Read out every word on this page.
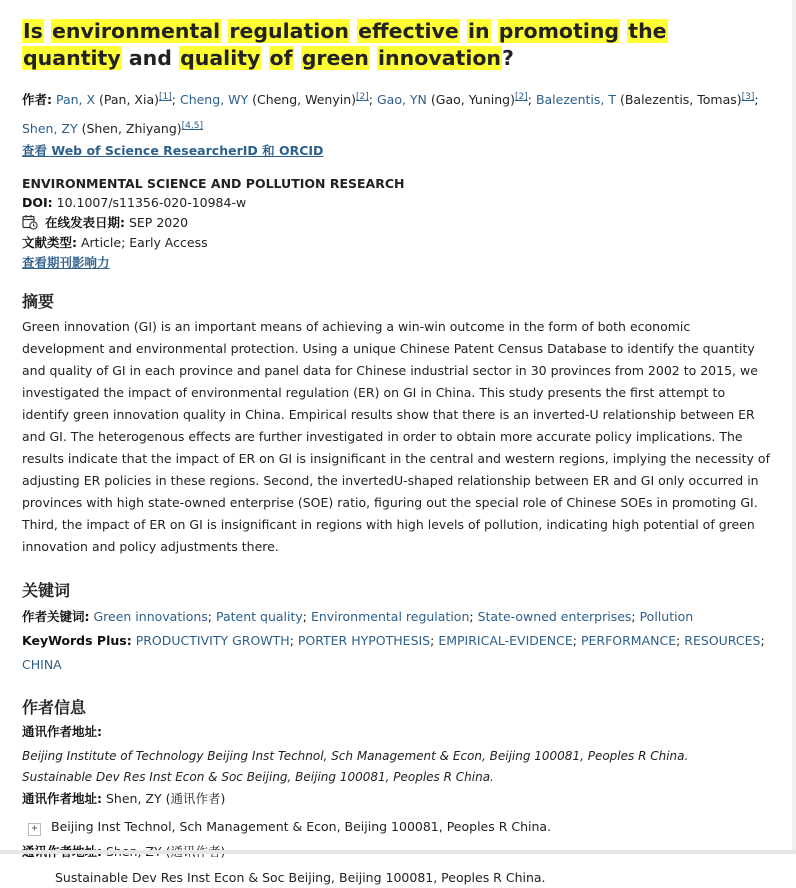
Is environmental regulation effective in promoting the quantity and quality of green innovation?
作者: Pan, X (Pan, Xia)[1]; Cheng, WY (Cheng, Wenyin)[2]; Gao, YN (Gao, Yuning)[2]; Balezentis, T (Balezentis, Tomas)[3];
Shen, ZY (Shen, Zhiyang)[4,5]
查看 Web of Science ResearcherID 和 ORCID
ENVIRONMENTAL SCIENCE AND POLLUTION RESEARCH
DOI: 10.1007/s11356-020-10984-w
在线发表日期: SEP 2020
文献类型: Article; Early Access
查看期刊影响力
摘要
Green innovation (GI) is an important means of achieving a win-win outcome in the form of both economic development and environmental protection. Using a unique Chinese Patent Census Database to identify the quantity and quality of GI in each province and panel data for Chinese industrial sector in 30 provinces from 2002 to 2015, we investigated the impact of environmental regulation (ER) on GI in China. This study presents the first attempt to identify green innovation quality in China. Empirical results show that there is an inverted-U relationship between ER and GI. The heterogenous effects are further investigated in order to obtain more accurate policy implications. The results indicate that the impact of ER on GI is insignificant in the central and western regions, implying the necessity of adjusting ER policies in these regions. Second, the invertedU-shaped relationship between ER and GI only occurred in provinces with high state-owned enterprise (SOE) ratio, figuring out the special role of Chinese SOEs in promoting GI. Third, the impact of ER on GI is insignificant in regions with high levels of pollution, indicating high potential of green innovation and policy adjustments there.
关键词
作者关键词: Green innovations; Patent quality; Environmental regulation; State-owned enterprises; Pollution
KeyWords Plus: PRODUCTIVITY GROWTH; PORTER HYPOTHESIS; EMPIRICAL-EVIDENCE; PERFORMANCE; RESOURCES; CHINA
作者信息
通讯作者地址:
Beijing Institute of Technology Beijing Inst Technol, Sch Management & Econ, Beijing 100081, Peoples R China.
Sustainable Dev Res Inst Econ & Soc Beijing, Beijing 100081, Peoples R China.
通讯作者地址: Shen, ZY (通讯作者)
+ Beijing Inst Technol, Sch Management & Econ, Beijing 100081, Peoples R China.
Sustainable Dev Res Inst Econ & Soc Beijing, Beijing 100081, Peoples R China.
